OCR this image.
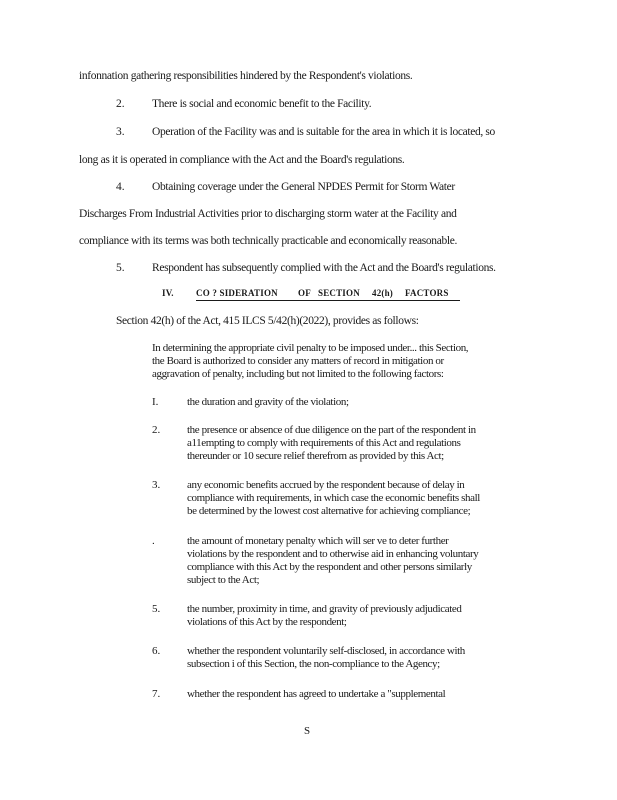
infonnation gathering responsibilities hindered by the Respondent's violations.
2. There is social and economic benefit to the Facility.
3. Operation of the Facility was and is suitable for the area in which it is located, so
long as it is operated in compliance with the Act and the Board's regulations.
4. Obtaining coverage under the General NPDES Permit for Storm Water
Discharges From Industrial Activities prior to discharging storm water at the Facility and
compliance with its terms was both technically practicable and economically reasonable.
5. Respondent has subsequently complied with the Act and the Board's regulations.
IV. CO ? SIDERATION OF SECTION 42(h) FACTORS
Section 42(h) of the Act, 415 ILCS 5/42(h)(2022), provides as follows:
In determining the appropriate civil penalty to be imposed under... this Section,
the Board is authorized to consider any matters of record in mitigation or
aggravation of penalty, including but not limited to the following factors:
I.	the duration and gravity of the violation;
2. the presence or absence of due diligence on the part of the respondent in
a11empting to comply with requirements of this Act and regulations
thereunder or 10 secure relief therefrom as provided by this Act;
3. any economic benefits accrued by the respondent because of delay in
compliance with requirements, in which case the economic benefits shall
be determined by the lowest cost alternative for achieving compliance;
.	the amount of monetary penalty which will ser ve to deter further
violations by the respondent and to otherwise aid in enhancing voluntary
compliance with this Act by the respondent and other persons similarly
subject to the Act;
5. the number, proximity in time, and gravity of previously adjudicated
violations of this Act by the respondent;
6. whether the respondent voluntarily self-disclosed, in accordance with
subsection i of this Section, the non-compliance to the Agency;
7. whether the respondent has agreed to undertake a "supplemental
S
